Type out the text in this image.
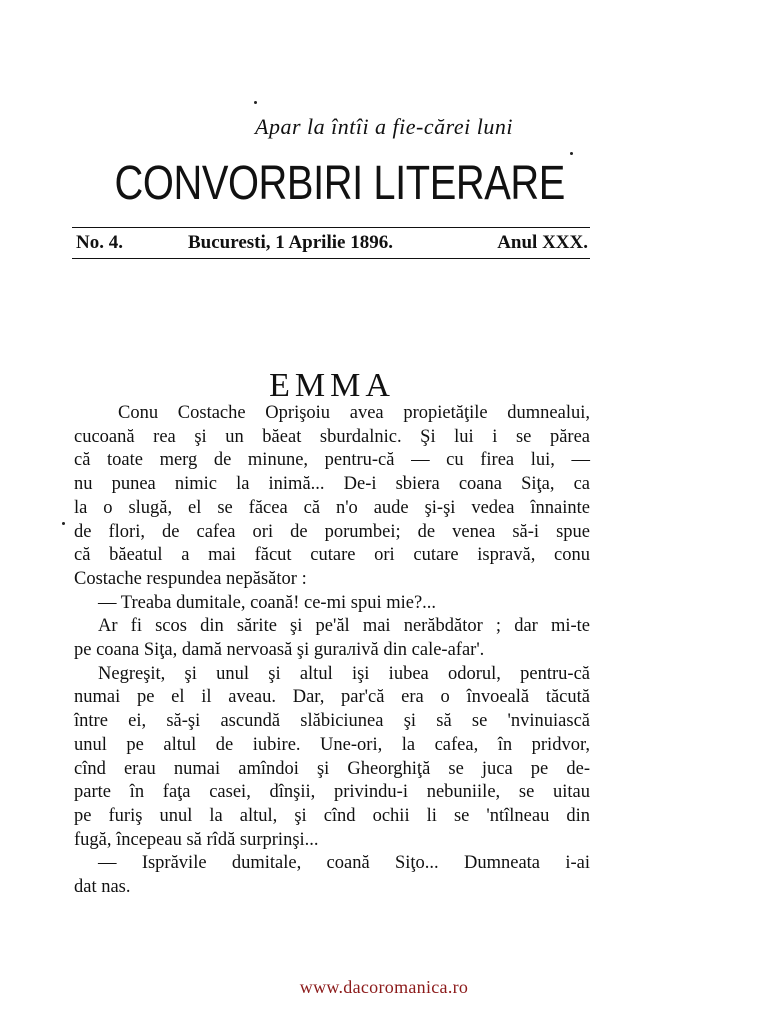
Apar la întîi a fie-cărei luni
CONVORBIRI LITERARE
No. 4.	Bucuresti, 1 Aprilie 1896.	Anul XXX.
EMMA
Conu Costache Oprişoiu avea propietăţile dumnealui,
cucoană rea şi un băeat sburdalnic. Şi lui i se părea
că toate merg de minune, pentru-că — cu firea lui, —
nu punea nimic la inimă... De-i sbiera coana Siţa, ca
la o slugă, el se făcea că n'o aude şi-şi vedea înnainte
de flori, de cafea ori de porumbei; de venea să-i spue
că băeatul a mai făcut cutare ori cutare ispravă, conu
Costache respundea nepăsător :
— Treaba dumitale, coană! ce-mi spui mie?...
Ar fi scos din sărite şi pe'ăl mai nerăbdător ; dar mi-te
pe coana Siţa, damă nervoasă şi gurалivă din cale-afar'.
Negreşit, şi unul şi altul işi iubea odorul, pentru-că
numai pe el il aveau. Dar, par'că era o învoeală tăcută
între ei, să-şi ascundă slăbiciunea şi să se 'nvinuiască
unul pe altul de iubire. Une-ori, la cafea, în pridvor,
cînd erau numai amîndoi şi Gheorghiţă se juca pe de-
parte în faţa casei, dînşii, privindu-i nebuniile, se uitau
pe furiş unul la altul, şi cînd ochii li se 'ntîlneau din
fugă, începeau să rîdă surprinşi...
— Isprăvile dumitale, coană Siţo... Dumneata i-ai
dat nas.
www.dacoromanica.ro
